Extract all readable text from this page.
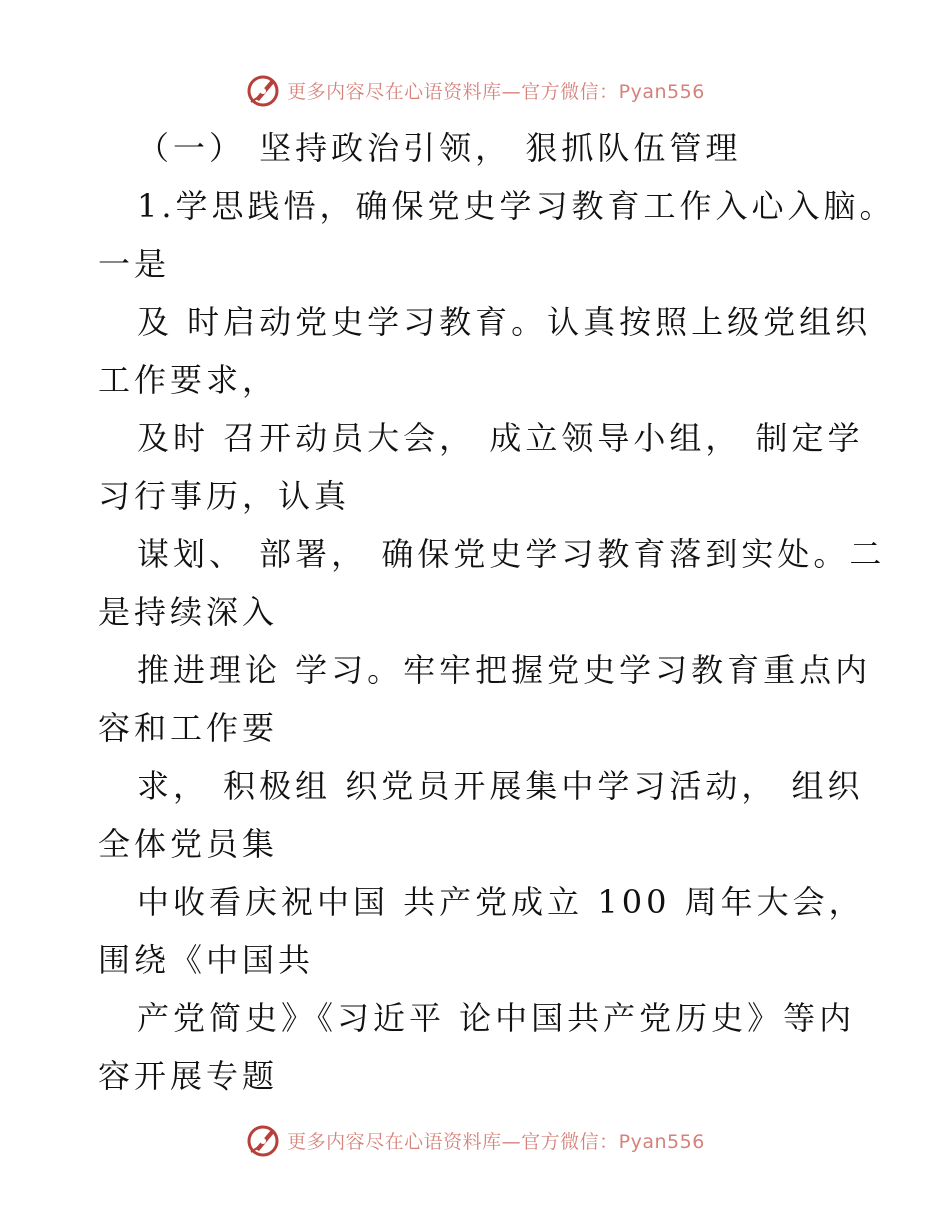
更多内容尽在心语资料库—官方微信：Pyan556
（一） 坚持政治引领， 狠抓队伍管理
1.学思践悟，确保党史学习教育工作入心入脑。
一是
及 时启动党史学习教育。认真按照上级党组织
工作要求，
及时 召开动员大会， 成立领导小组， 制定学
习行事历，认真
谋划、 部署， 确保党史学习教育落到实处。二
是持续深入
推进理论 学习。牢牢把握党史学习教育重点内
容和工作要
求， 积极组 织党员开展集中学习活动， 组织
全体党员集
中收看庆祝中国 共产党成立 100 周年大会，
围绕《中国共
产党简史》《习近平 论中国共产党历史》等内
容开展专题
更多内容尽在心语资料库—官方微信：Pyan556
